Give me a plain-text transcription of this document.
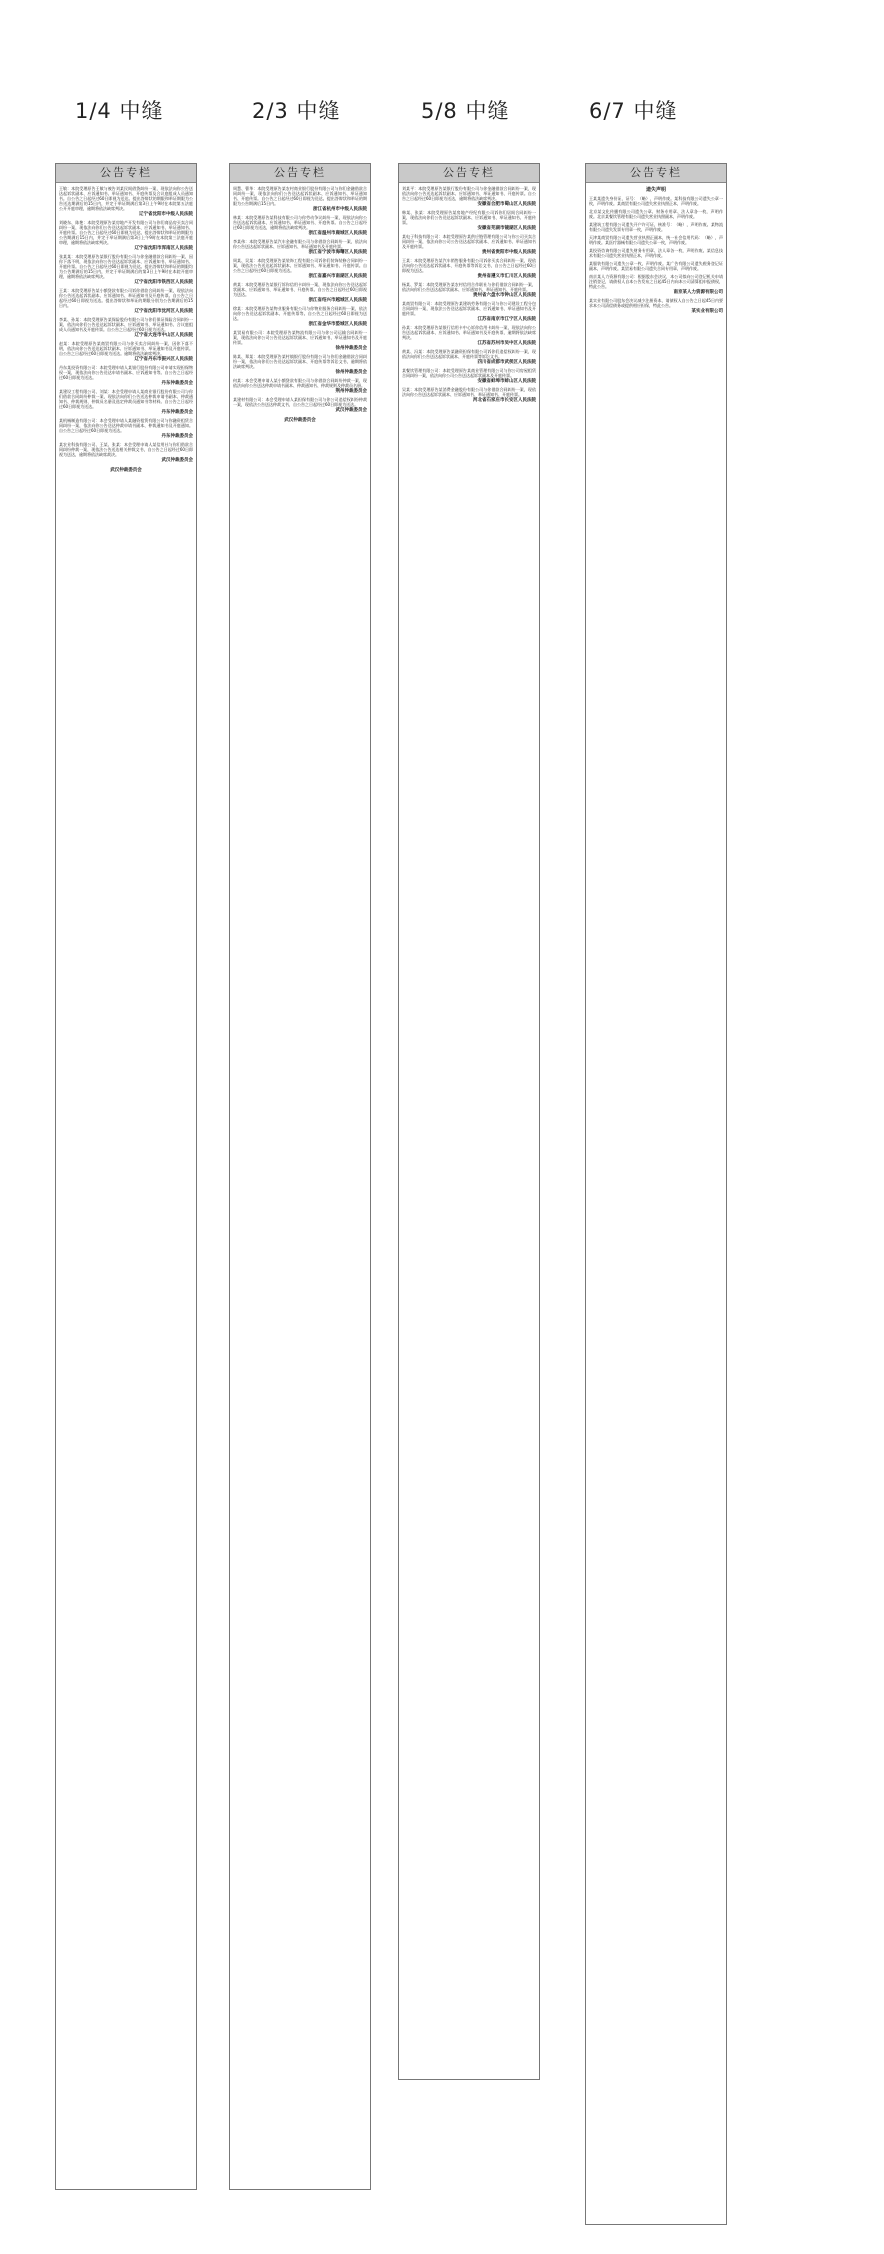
1/4 中缝	2/3 中缝	5/8 中缝	6/7 中缝
公告专栏
王敏：本院受理原告王敏与被告刘某民间借贷纠纷一案，现依法向你公告送达起诉状副本、应诉通知书、举证通知书、开庭传票及合议庭组成人员通知书。自公告之日起经过60日即视为送达。提出答辩状的期限和举证期限为公告送达期满后的15日内，并定于举证期满后第3日上午9时在本院第五法庭公开开庭审理，逾期将依法缺席判决。
辽宁省沈阳市中级人民法院
刘晓东、陈艳：本院受理原告某房地产开发有限公司与你们商品房买卖合同纠纷一案，现依法向你们公告送达起诉状副本、应诉通知书、举证通知书、开庭传票。自公告之日起经过60日即视为送达，提出答辩状和举证的期限为公告期满后15日内，并定于举证期满后第3日上午9时在本院第三法庭开庭审理，逾期将依法缺席判决。
辽宁省沈阳市浑南区人民法院
张某某：本院受理原告某银行股份有限公司与你金融借款合同纠纷一案，因你下落不明，现依法向你公告送达起诉状副本、应诉通知书、举证通知书、开庭传票。自公告之日起经过60日即视为送达。提出答辩状和举证的期限均为公告期满后的15日内，并定于举证期满后的第3日上午9时在本院开庭审理，逾期将依法缺席判决。
辽宁省沈阳市铁西区人民法院
王某：本院受理原告某小额贷款有限公司诉你借款合同纠纷一案，现依法向你公告送达起诉状副本、应诉通知书、举证通知书及开庭传票。自公告之日起经过60日即视为送达。提出答辩状和举证的期限分别为公告期满后的15日内。
辽宁省沈阳市沈河区人民法院
李某、孙某：本院受理原告某保险股份有限公司与你们保证保险合同纠纷一案，依法向你们公告送达起诉状副本、应诉通知书、举证通知书、合议庭组成人员通知书及开庭传票。自公告之日起经过60日视为送达。
辽宁省大连市中山区人民法院
赵某：本院受理原告某商贸有限公司与你买卖合同纠纷一案，因你下落不明，依法向你公告送达起诉状副本、应诉通知书、举证通知书及开庭传票。自公告之日起经过60日即视为送达。逾期将依法缺席判决。
辽宁省丹东市振兴区人民法院
丹东某投资有限公司：本院受理申请人某银行股份有限公司申请实现担保物权一案，现依法向你公告送达申请书副本、应诉通知书等。自公告之日起经过60日即视为送达。
丹东仲裁委员会
某建设工程有限公司、刘某：本会受理申请人某商业银行股份有限公司与你们借款合同纠纷仲裁一案，现依法向你们公告送达仲裁申请书副本、仲裁通知书、仲裁规则、仲裁员名册及选定仲裁员通知书等材料。自公告之日起经过60日即视为送达。
丹东仲裁委员会
某机械制造有限公司：本会受理申请人某融资租赁有限公司与你融资租赁合同纠纷一案，依法向你公告送达仲裁申请书副本、仲裁通知书及开庭通知。自公告之日起经过60日即视为送达。
丹东仲裁委员会
某农业科技有限公司、王某、张某：本会受理申请人某信用社与你们借款合同纠纷仲裁一案，现依法公告送达相关仲裁文书，自公告之日起经过60日即视为送达，逾期将依法缺席裁决。
武汉仲裁委员会
武汉仲裁委员会
公告专栏
周慧、曹华：本院受理原告某农村商业银行股份有限公司与你们金融借款合同纠纷一案，现依法向你们公告送达起诉状副本、应诉通知书、举证通知书、开庭传票。自公告之日起经过60日即视为送达。提出答辩状和举证的期限为公告期满后15日内。
浙江省杭州市中级人民法院
林某：本院受理原告某科技有限公司与你劳动争议纠纷一案，现依法向你公告送达起诉状副本、应诉通知书、举证通知书、开庭传票。自公告之日起经过60日即视为送达，逾期将依法缺席判决。
浙江省温州市鹿城区人民法院
李某伟：本院受理原告某汽车金融有限公司与你借款合同纠纷一案，依法向你公告送达起诉状副本、应诉通知书、举证通知书及开庭传票。
浙江省宁波市海曙区人民法院
周某、吴某：本院受理原告某装饰工程有限公司诉你们装饰装修合同纠纷一案，现依法公告送达起诉状副本、应诉通知书、举证通知书、开庭传票。自公告之日起经过60日即视为送达。
浙江省嘉兴市南湖区人民法院
黄某：本院受理原告某银行诉你信用卡纠纷一案，现依法向你公告送达起诉状副本、应诉通知书、举证通知书、开庭传票。自公告之日起经过60日即视为送达。
浙江省绍兴市越城区人民法院
徐某：本院受理原告某物业服务有限公司与你物业服务合同纠纷一案，依法向你公告送达起诉状副本、开庭传票等。自公告之日起经过60日即视为送达。
浙江省金华市婺城区人民法院
某贸易有限公司：本院受理原告某物流有限公司与你公司运输合同纠纷一案，现依法向你公司公告送达起诉状副本、应诉通知书、举证通知书及开庭传票。
徐州仲裁委员会
陈某、郑某：本院受理原告某村镇银行股份有限公司与你们金融借款合同纠纷一案，依法向你们公告送达起诉状副本、开庭传票等诉讼文书，逾期将依法缺席判决。
徐州仲裁委员会
何某：本会受理申请人某小额贷款有限公司与你借款合同纠纷仲裁一案，现依法向你公告送达仲裁申请书副本、仲裁通知书、仲裁规则及仲裁员名册。
荆州仲裁委员会
某建材有限公司：本会受理申请人某担保有限公司与你公司追偿权纠纷仲裁一案，现依法公告送达仲裁文书，自公告之日起经过60日即视为送达。
武汉仲裁委员会
武汉仲裁委员会
公告专栏
刘某平：本院受理原告某银行股份有限公司与你金融借款合同纠纷一案，现依法向你公告送达起诉状副本、应诉通知书、举证通知书、开庭传票。自公告之日起经过60日即视为送达，逾期将依法缺席判决。
安徽省合肥市蜀山区人民法院
韩某、张某：本院受理原告某房地产经纪有限公司诉你们居间合同纠纷一案，现依法向你们公告送达起诉状副本、应诉通知书、举证通知书、开庭传票。
安徽省芜湖市镜湖区人民法院
某电子科技有限公司：本院受理原告某供应链管理有限公司与你公司买卖合同纠纷一案，依法向你公司公告送达起诉状副本、应诉通知书、举证通知书及开庭传票。
贵州省贵阳市中级人民法院
王某：本院受理原告某汽车销售服务有限公司诉你买卖合同纠纷一案，现依法向你公告送达起诉状副本、开庭传票等诉讼文书，自公告之日起经过60日即视为送达。
贵州省遵义市汇川区人民法院
杨某、罗某：本院受理原告某农村信用合作联社与你们借款合同纠纷一案，依法向你们公告送达起诉状副本、应诉通知书、举证通知书、开庭传票。
贵州省六盘水市钟山区人民法院
某商贸有限公司：本院受理原告某建筑劳务有限公司与你公司建设工程分包合同纠纷一案，现依法公告送达起诉状副本、应诉通知书、举证通知书及开庭传票。
江苏省南京市江宁区人民法院
孙某：本院受理原告某银行信用卡中心诉你信用卡纠纷一案，现依法向你公告送达起诉状副本、应诉通知书、举证通知书及开庭传票，逾期将依法缺席判决。
江苏省苏州市吴中区人民法院
黄某、冯某：本院受理原告某融资担保有限公司诉你们追偿权纠纷一案，现依法向你们公告送达起诉状副本、开庭传票等诉讼文书。
四川省成都市武侯区人民法院
某餐饮管理有限公司：本院受理原告某商业管理有限公司与你公司房屋租赁合同纠纷一案，依法向你公司公告送达起诉状副本及开庭传票。
安徽省蚌埠市蚌山区人民法院
吴某：本院受理原告某消费金融股份有限公司与你借款合同纠纷一案，现依法向你公告送达起诉状副本、应诉通知书、举证通知书、开庭传票。
河北省石家庄市长安区人民法院
公告专栏
遗失声明
王某某遗失身份证，证号：（略），声明作废。某科技有限公司遗失公章一枚，声明作废。某商贸有限公司遗失营业执照正本，声明作废。
北京某文化传播有限公司遗失公章、财务专用章、法人章各一枚，声明作废。北京某餐饮管理有限公司遗失营业执照副本，声明作废。
某建筑工程有限公司遗失开户许可证，核准号：（略），声明作废。某物流有限公司遗失发票专用章一枚，声明作废。
天津某商贸有限公司遗失营业执照正副本，统一社会信用代码：（略），声明作废。某医疗器械有限公司遗失公章一枚，声明作废。
某投资咨询有限公司遗失财务专用章、法人章各一枚，声明作废。某信息技术有限公司遗失营业执照正本，声明作废。
某服装有限公司遗失公章一枚，声明作废。某广告有限公司遗失税务登记证副本，声明作废。某贸易有限公司遗失合同专用章，声明作废。
南京某人力资源有限公司：根据股东会决议，本公司拟向公司登记机关申请注销登记，请债权人自本公告发布之日起45日内向本公司清算组申报债权，特此公告。
南京某人力资源有限公司
某实业有限公司股东会决议减少注册资本，请债权人自公告之日起45日内要求本公司清偿债务或提供相应担保，特此公告。
某实业有限公司
